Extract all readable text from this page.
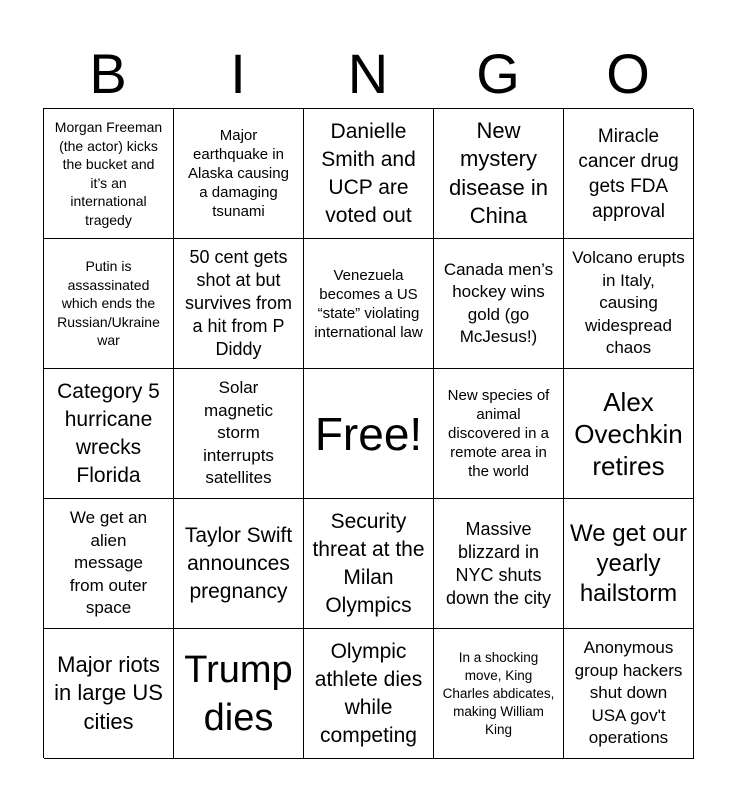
B	I	N	G	O
Morgan Freeman (the actor) kicks the bucket and it’s an international tragedy
Major earthquake in Alaska causing a damaging tsunami
Danielle Smith and UCP are voted out
New mystery disease in China
Miracle cancer drug gets FDA approval
Putin is assassinated which ends the Russian/Ukraine war
50 cent gets shot at but survives from a hit from P Diddy
Venezuela becomes a US “state” violating international law
Canada men’s hockey wins gold (go McJesus!)
Volcano erupts in Italy, causing widespread chaos
Category 5 hurricane wrecks Florida
Solar magnetic storm interrupts satellites
Free!
New species of animal discovered in a remote area in the world
Alex Ovechkin retires
We get an alien message from outer space
Taylor Swift announces pregnancy
Security threat at the Milan Olympics
Massive blizzard in NYC shuts down the city
We get our yearly hailstorm
Major riots in large US cities
Trump dies
Olympic athlete dies while competing
In a shocking move, King Charles abdicates, making William King
Anonymous group hackers shut down USA gov't operations
